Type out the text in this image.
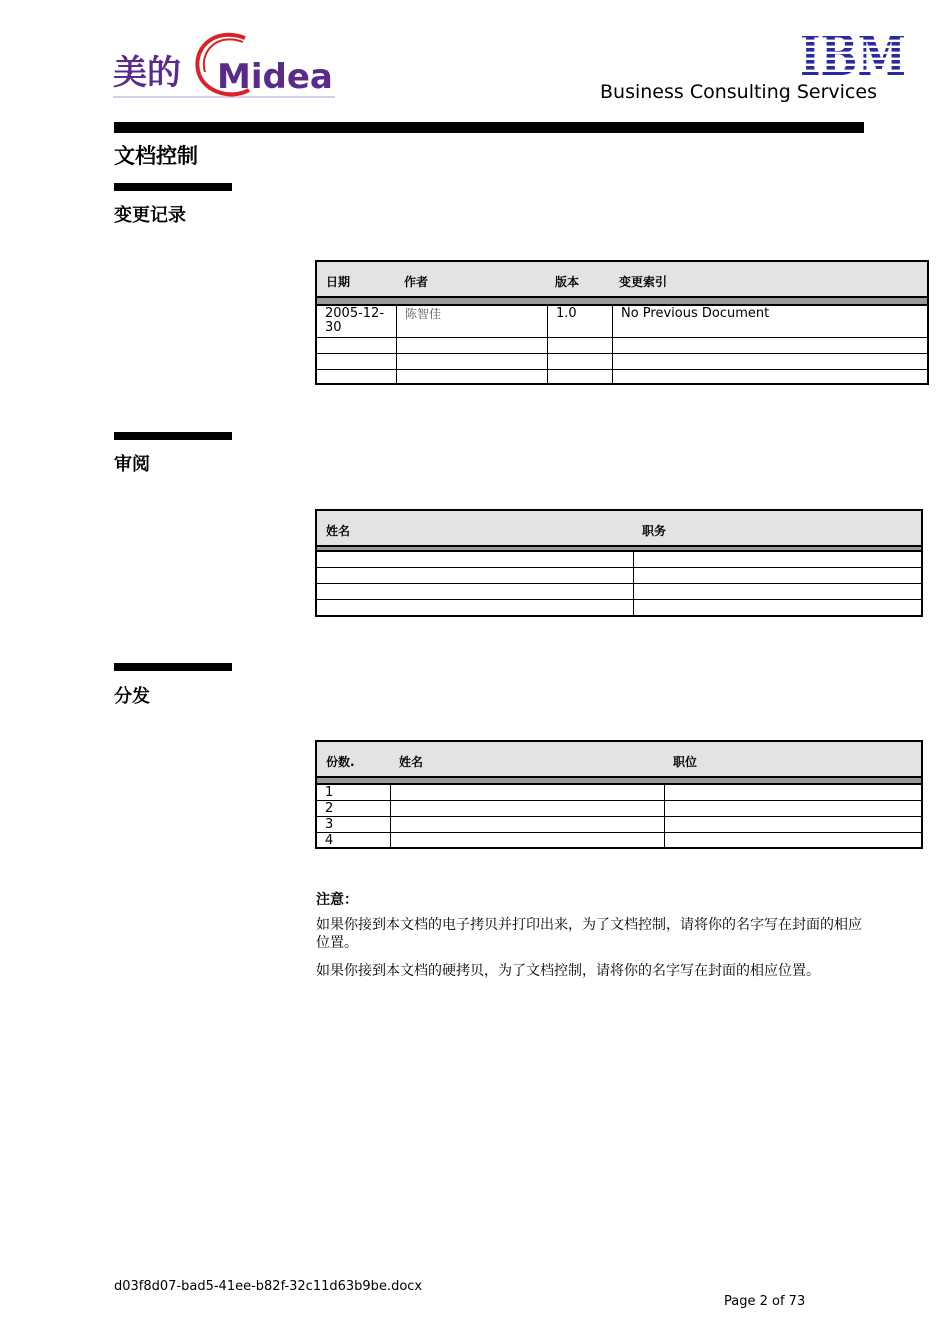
美的 Midea	IBM
Business Consulting Services
文档控制
变更记录
日期	作者	版本	变更索引
2005-12-
30
陈智佳	1.0	No Previous Document
审阅
姓名	职务
分发
份数.	姓名	职位
1
2
3
4
注意：
如果你接到本文档的电子拷贝并打印出来，为了文档控制，请将你的名字写在封面的相应位置。
如果你接到本文档的硬拷贝，为了文档控制，请将你的名字写在封面的相应位置。
d03f8d07-bad5-41ee-b82f-32c11d63b9be.docx
Page 2 of 73
